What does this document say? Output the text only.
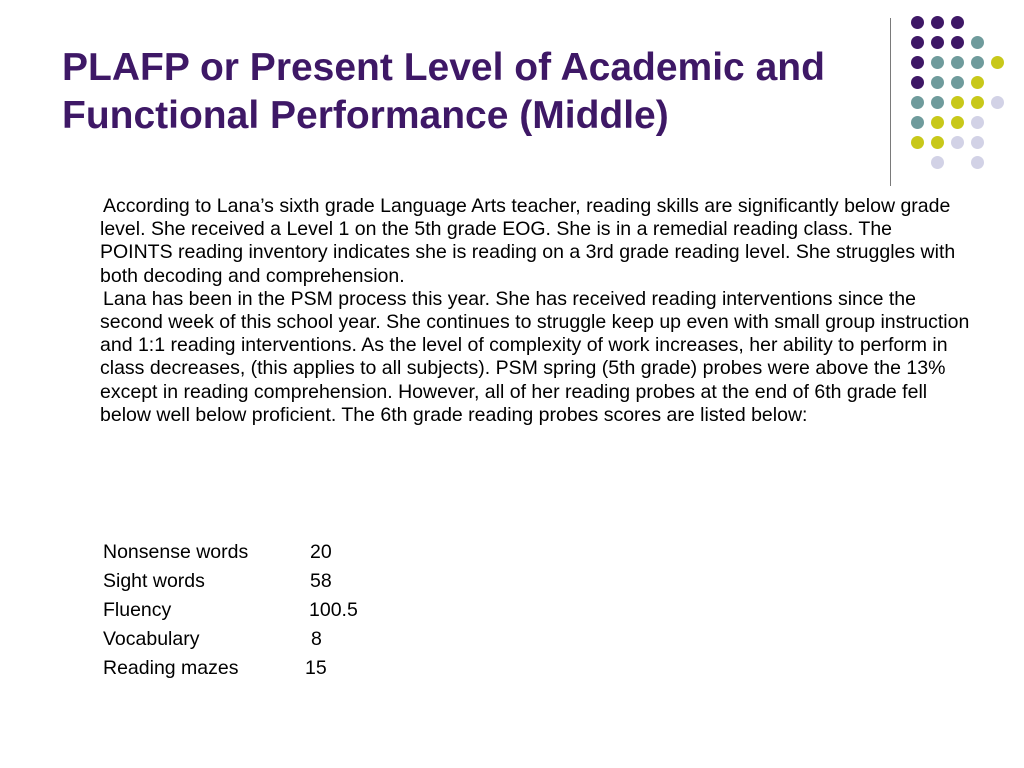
PLAFP or Present Level of Academic and Functional Performance (Middle)

According to Lana’s sixth grade Language Arts teacher, reading skills are significantly below grade level. She received a Level 1 on the 5th grade EOG. She is in a remedial reading class. The POINTS reading inventory indicates she is reading on a 3rd grade reading level. She struggles with both decoding and comprehension.

Lana has been in the PSM process this year. She has received reading interventions since the second week of this school year. She continues to struggle keep up even with small group instruction and 1:1 reading interventions. As the level of complexity of work increases, her ability to perform in class decreases, (this applies to all subjects). PSM spring (5th grade) probes were above the 13% except in reading comprehension. However, all of her reading probes at the end of 6th grade fell below well below proficient. The 6th grade reading probes scores are listed below:

Nonsense words	20
Sight words	58
Fluency	100.5
Vocabulary	8
Reading mazes	15
